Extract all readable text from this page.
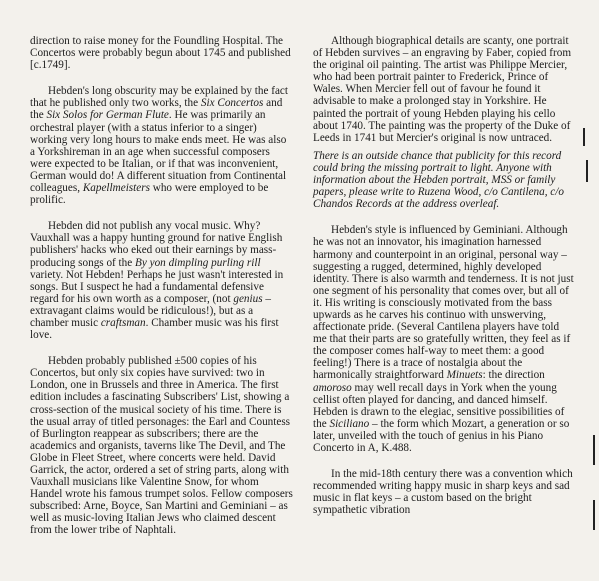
direction to raise money for the Foundling Hospital. The Concertos were probably begun about 1745 and published [c.1749].

Hebden's long obscurity may be explained by the fact that he published only two works, the Six Concertos and the Six Solos for German Flute. He was primarily an orchestral player (with a status inferior to a singer) working very long hours to make ends meet. He was also a Yorkshireman in an age when successful composers were expected to be Italian, or if that was inconvenient, German would do! A different situation from Continental colleagues, Kapellmeisters who were employed to be prolific.

Hebden did not publish any vocal music. Why? Vauxhall was a happy hunting ground for native English publishers' hacks who eked out their earnings by mass-producing songs of the By yon dimpling purling rill variety. Not Hebden! Perhaps he just wasn't interested in songs. But I suspect he had a fundamental defensive regard for his own worth as a composer, (not genius – extravagant claims would be ridiculous!), but as a chamber music craftsman. Chamber music was his first love.

Hebden probably published ±500 copies of his Concertos, but only six copies have survived: two in London, one in Brussels and three in America. The first edition includes a fascinating Subscribers' List, showing a cross-section of the musical society of his time. There is the usual array of titled personages: the Earl and Countess of Burlington reappear as subscribers; there are the academics and organists, taverns like The Devil, and The Globe in Fleet Street, where concerts were held. David Garrick, the actor, ordered a set of string parts, along with Vauxhall musicians like Valentine Snow, for whom Handel wrote his famous trumpet solos. Fellow composers subscribed: Arne, Boyce, San Martini and Geminiani – as well as music-loving Italian Jews who claimed descent from the lower tribe of Naphtali.

Although biographical details are scanty, one portrait of Hebden survives – an engraving by Faber, copied from the original oil painting. The artist was Philippe Mercier, who had been portrait painter to Frederick, Prince of Wales. When Mercier fell out of favour he found it advisable to make a prolonged stay in Yorkshire. He painted the portrait of young Hebden playing his cello about 1740. The painting was the property of the Duke of Leeds in 1741 but Mercier's original is now untraced.

There is an outside chance that publicity for this record could bring the missing portrait to light. Anyone with information about the Hebden portrait, MSS or family papers, please write to Ruzena Wood, c/o Cantilena, c/o Chandos Records at the address overleaf.

Hebden's style is influenced by Geminiani. Although he was not an innovator, his imagination harnessed harmony and counterpoint in an original, personal way – suggesting a rugged, determined, highly developed identity. There is also warmth and tenderness. It is not just one segment of his personality that comes over, but all of it. His writing is consciously motivated from the bass upwards as he carves his continuo with unswerving, affectionate pride. (Several Cantilena players have told me that their parts are so gratefully written, they feel as if the composer comes half-way to meet them: a good feeling!) There is a trace of nostalgia about the harmonically straightforward Minuets: the direction amoroso may well recall days in York when the young cellist often played for dancing, and danced himself. Hebden is drawn to the elegiac, sensitive possibilities of the Siciliano – the form which Mozart, a generation or so later, unveiled with the touch of genius in his Piano Concerto in A, K.488.

In the mid-18th century there was a convention which recommended writing happy music in sharp keys and sad music in flat keys – a custom based on the bright sympathetic vibration
